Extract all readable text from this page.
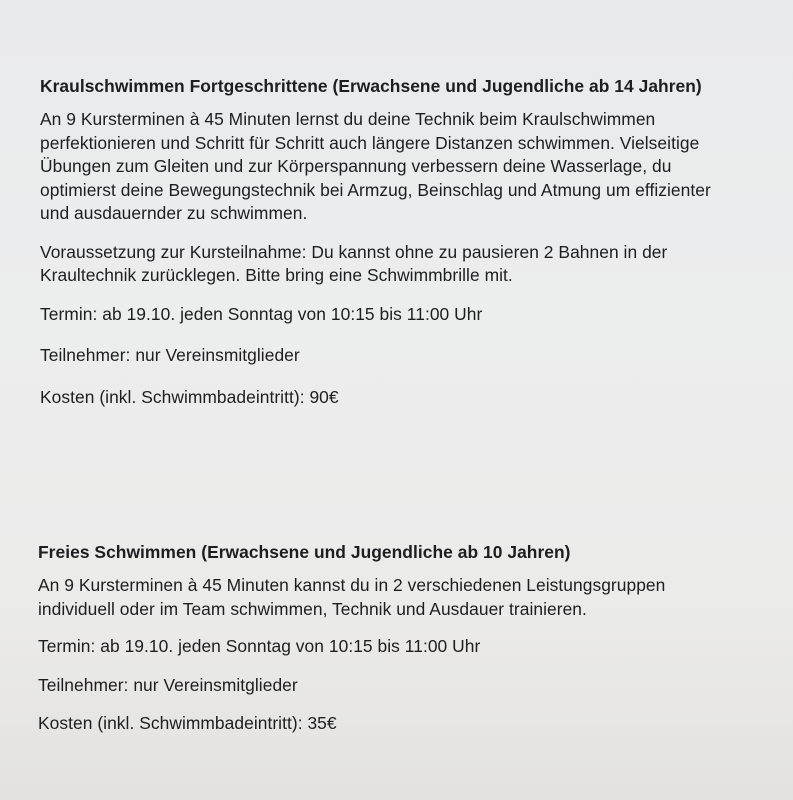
Kraulschwimmen Fortgeschrittene (Erwachsene und Jugendliche ab 14 Jahren)

An 9 Kursterminen à 45 Minuten lernst du deine Technik beim Kraulschwimmen perfektionieren und Schritt für Schritt auch längere Distanzen schwimmen. Vielseitige Übungen zum Gleiten und zur Körperspannung verbessern deine Wasserlage, du optimierst deine Bewegungstechnik bei Armzug, Beinschlag und Atmung um effizienter und ausdauernder zu schwimmen.

Voraussetzung zur Kursteilnahme: Du kannst ohne zu pausieren 2 Bahnen in der Kraultechnik zurücklegen. Bitte bring eine Schwimmbrille mit.

Termin: ab 19.10. jeden Sonntag von 10:15 bis 11:00 Uhr

Teilnehmer: nur Vereinsmitglieder

Kosten (inkl. Schwimmbadeintritt): 90€

Freies Schwimmen (Erwachsene und Jugendliche ab 10 Jahren)

An 9 Kursterminen à 45 Minuten kannst du in 2 verschiedenen Leistungsgruppen individuell oder im Team schwimmen, Technik und Ausdauer trainieren.

Termin: ab 19.10. jeden Sonntag von 10:15 bis 11:00 Uhr

Teilnehmer: nur Vereinsmitglieder

Kosten (inkl. Schwimmbadeintritt): 35€
